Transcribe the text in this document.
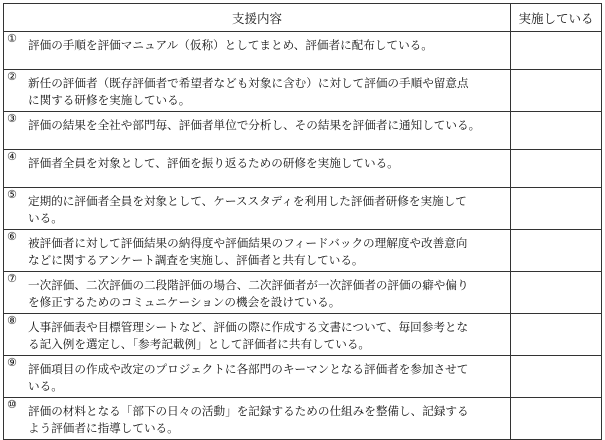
支援内容	実施している

① 評価の手順を評価マニュアル（仮称）としてまとめ、評価者に配布している。	

② 新任の評価者（既存評価者で希望者なども対象に含む）に対して評価の手順や留意点
に関する研修を実施している。	

③ 評価の結果を全社や部門毎、評価者単位で分析し、その結果を評価者に通知している。	

④ 評価者全員を対象として、評価を振り返るための研修を実施している。	

⑤ 定期的に評価者全員を対象として、ケーススタディを利用した評価者研修を実施して
いる。	

⑥ 被評価者に対して評価結果の納得度や評価結果のフィードバックの理解度や改善意向
などに関するアンケート調査を実施し、評価者と共有している。	

⑦ 一次評価、二次評価の二段階評価の場合、二次評価者が一次評価者の評価の癖や偏り
を修正するためのコミュニケーションの機会を設けている。	

⑧ 人事評価表や目標管理シートなど、評価の際に作成する文書について、毎回参考とな
る記入例を選定し、「参考記載例」として評価者に共有している。	

⑨ 評価項目の作成や改定のプロジェクトに各部門のキーマンとなる評価者を参加させて
いる。	

⑩ 評価の材料となる「部下の日々の活動」を記録するための仕組みを整備し、記録する
よう評価者に指導している。	
